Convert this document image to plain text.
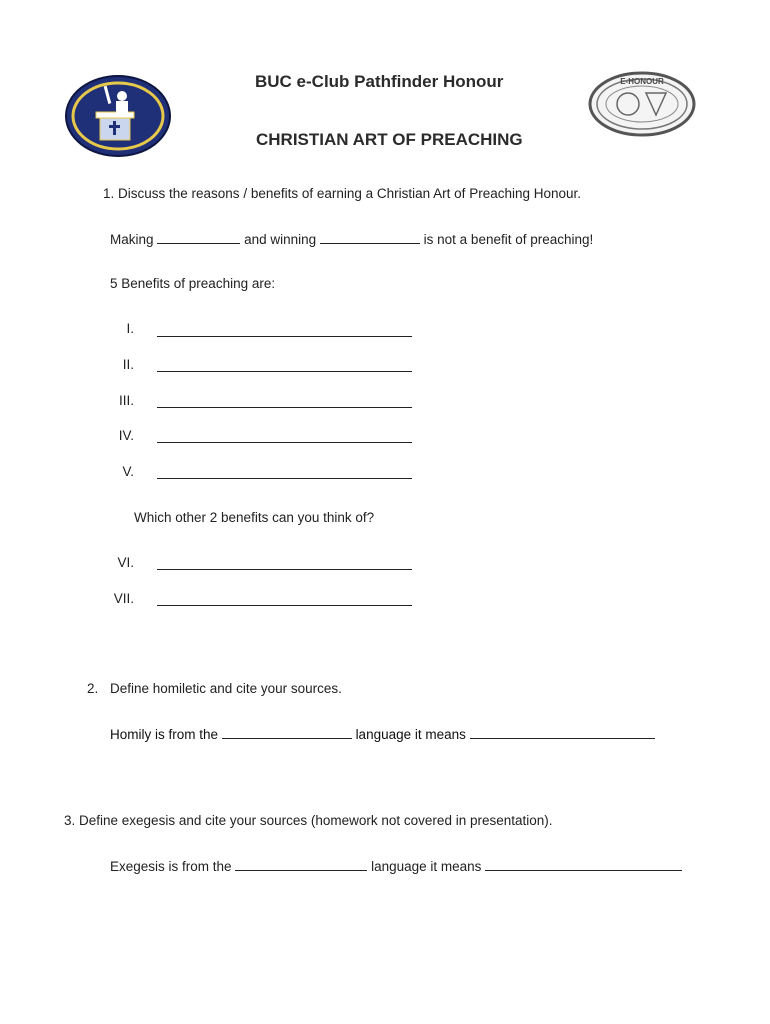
E-HONOUR
BUC e-Club Pathfinder Honour
CHRISTIAN ART OF PREACHING
1. Discuss the reasons / benefits of earning a Christian Art of Preaching Honour.
Making	and winning	is not a benefit of preaching!
5 Benefits of preaching are:
I.
II.
III.
IV.
V.
Which other 2 benefits can you think of?
VI.
VII.
2. Define homiletic and cite your sources.
Homily is from the	language it means
3. Define exegesis and cite your sources (homework not covered in presentation).
Exegesis is from the	language it means
